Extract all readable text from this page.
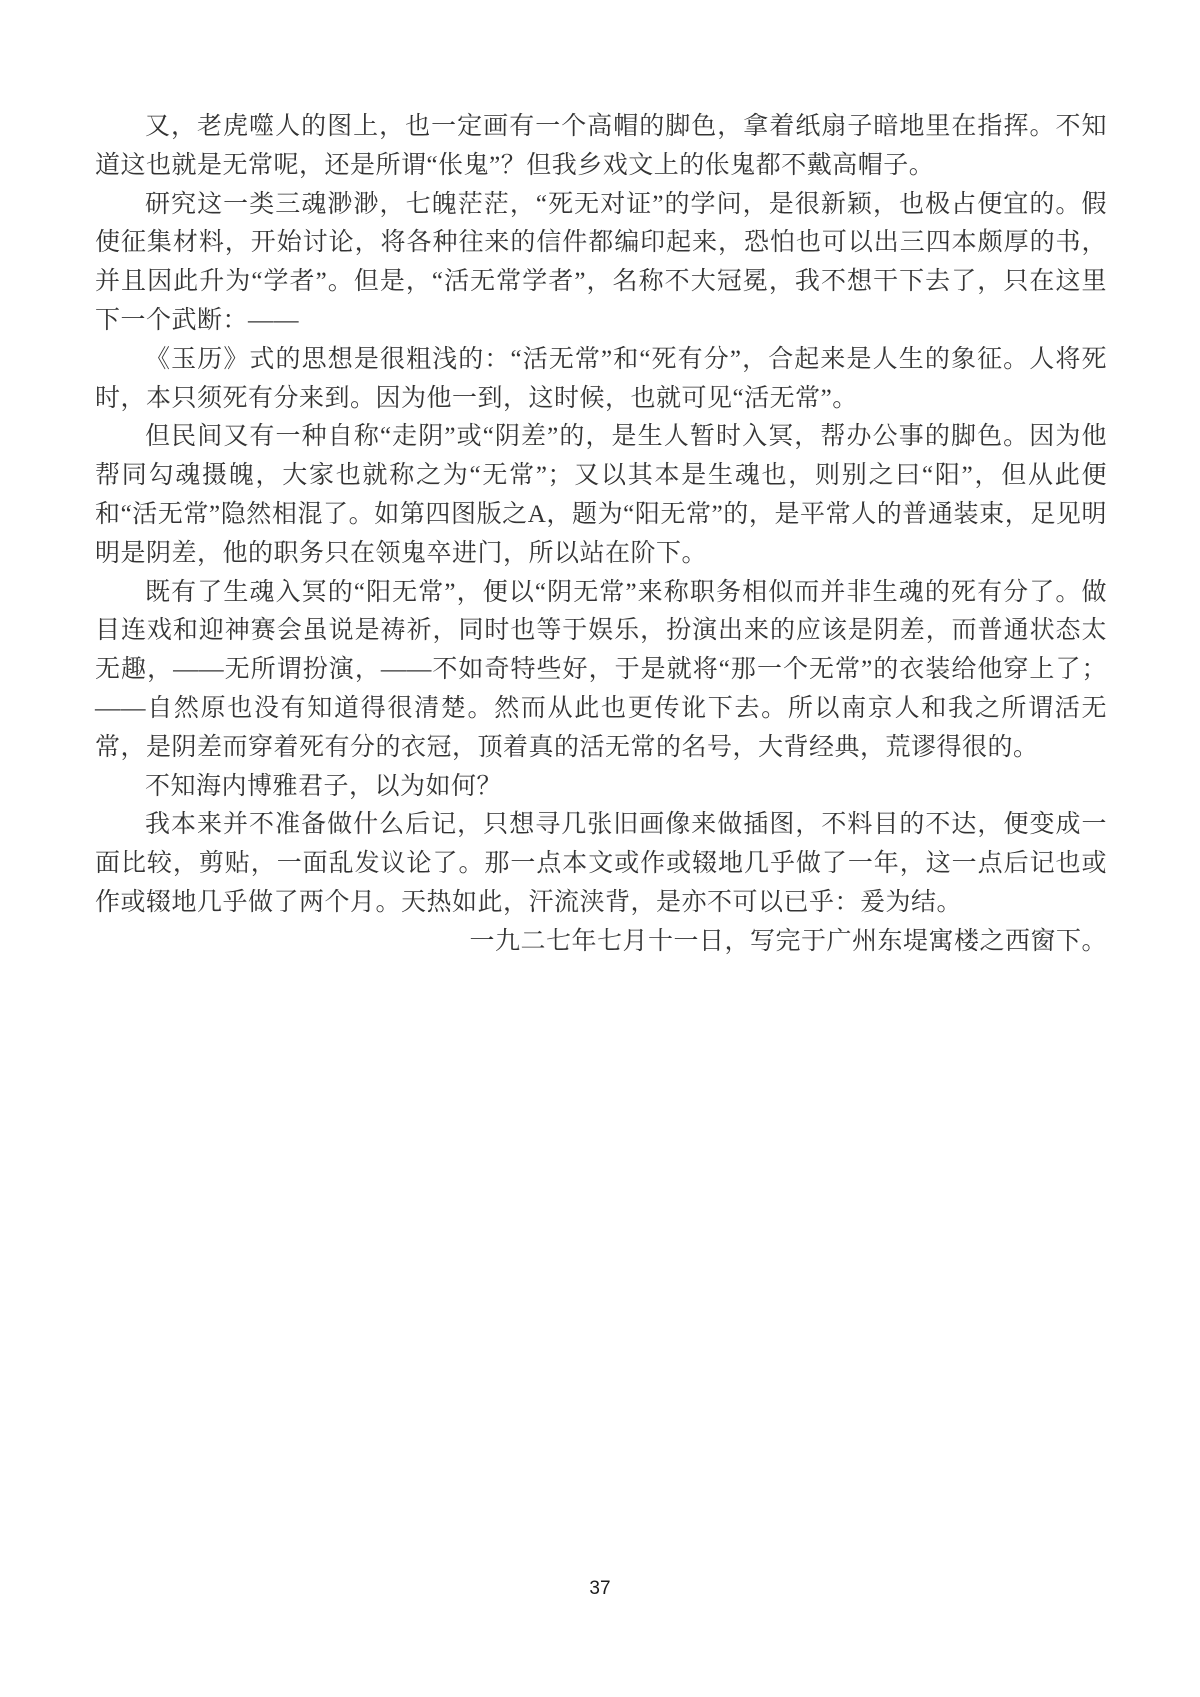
又，老虎噬人的图上，也一定画有一个高帽的脚色，拿着纸扇子暗地里在指挥。不知道这也就是无常呢，还是所谓“伥鬼”？但我乡戏文上的伥鬼都不戴高帽子。

研究这一类三魂渺渺，七魄茫茫，“死无对证”的学问，是很新颖，也极占便宜的。假使征集材料，开始讨论，将各种往来的信件都编印起来，恐怕也可以出三四本颇厚的书，并且因此升为“学者”。但是，“活无常学者”，名称不大冠冕，我不想干下去了，只在这里下一个武断：——

《玉历》式的思想是很粗浅的：“活无常”和“死有分”，合起来是人生的象征。人将死时，本只须死有分来到。因为他一到，这时候，也就可见“活无常”。

但民间又有一种自称“走阴”或“阴差”的，是生人暂时入冥，帮办公事的脚色。因为他帮同勾魂摄魄，大家也就称之为“无常”；又以其本是生魂也，则别之曰“阳”，但从此便和“活无常”隐然相混了。如第四图版之A，题为“阳无常”的，是平常人的普通装束，足见明明是阴差，他的职务只在领鬼卒进门，所以站在阶下。

既有了生魂入冥的“阳无常”，便以“阴无常”来称职务相似而并非生魂的死有分了。做目连戏和迎神赛会虽说是祷祈，同时也等于娱乐，扮演出来的应该是阴差，而普通状态太无趣，——无所谓扮演，——不如奇特些好，于是就将“那一个无常”的衣装给他穿上了；——自然原也没有知道得很清楚。然而从此也更传讹下去。所以南京人和我之所谓活无常，是阴差而穿着死有分的衣冠，顶着真的活无常的名号，大背经典，荒谬得很的。

不知海内博雅君子，以为如何？

我本来并不准备做什么后记，只想寻几张旧画像来做插图，不料目的不达，便变成一面比较，剪贴，一面乱发议论了。那一点本文或作或辍地几乎做了一年，这一点后记也或作或辍地几乎做了两个月。天热如此，汗流浃背，是亦不可以已乎：爰为结。

一九二七年七月十一日，写完于广州东堤寓楼之西窗下。

37
